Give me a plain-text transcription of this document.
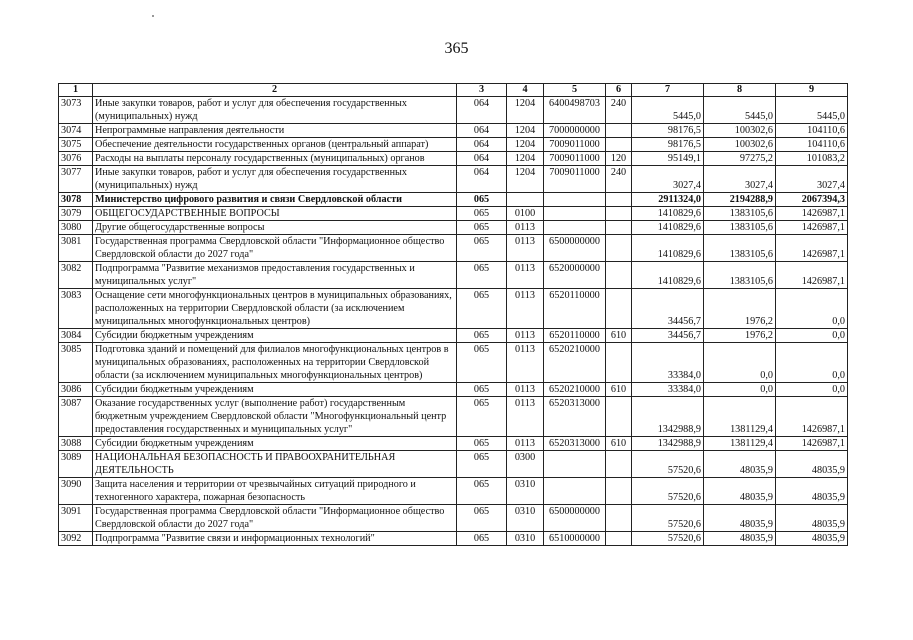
365
1	2	3	4	5	6	7	8	9
3073	Иные закупки товаров, работ и услуг для обеспечения государственных (муниципальных) нужд	064	1204	6400498703	240	5445,0	5445,0	5445,0
3074	Непрограммные направления деятельности	064	1204	7000000000		98176,5	100302,6	104110,6
3075	Обеспечение деятельности государственных органов (центральный аппарат)	064	1204	7009011000		98176,5	100302,6	104110,6
3076	Расходы на выплаты персоналу государственных (муниципальных) органов	064	1204	7009011000	120	95149,1	97275,2	101083,2
3077	Иные закупки товаров, работ и услуг для обеспечения государственных (муниципальных) нужд	064	1204	7009011000	240	3027,4	3027,4	3027,4
3078	Министерство цифрового развития и связи Свердловской области	065				2911324,0	2194288,9	2067394,3
3079	ОБЩЕГОСУДАРСТВЕННЫЕ ВОПРОСЫ	065	0100			1410829,6	1383105,6	1426987,1
3080	Другие общегосударственные вопросы	065	0113			1410829,6	1383105,6	1426987,1
3081	Государственная программа Свердловской области "Информационное общество Свердловской области до 2027 года"	065	0113	6500000000		1410829,6	1383105,6	1426987,1
3082	Подпрограмма "Развитие механизмов предоставления государственных и муниципальных услуг"	065	0113	6520000000		1410829,6	1383105,6	1426987,1
3083	Оснащение сети многофункциональных центров в муниципальных образованиях, расположенных на территории Свердловской области (за исключением муниципальных многофункциональных центров)	065	0113	6520110000		34456,7	1976,2	0,0
3084	Субсидии бюджетным учреждениям	065	0113	6520110000	610	34456,7	1976,2	0,0
3085	Подготовка зданий и помещений для филиалов многофункциональных центров в муниципальных образованиях, расположенных на территории Свердловской области (за исключением муниципальных многофункциональных центров)	065	0113	6520210000		33384,0	0,0	0,0
3086	Субсидии бюджетным учреждениям	065	0113	6520210000	610	33384,0	0,0	0,0
3087	Оказание государственных услуг (выполнение работ) государственным бюджетным учреждением Свердловской области "Многофункциональный центр предоставления государственных и муниципальных услуг"	065	0113	6520313000		1342988,9	1381129,4	1426987,1
3088	Субсидии бюджетным учреждениям	065	0113	6520313000	610	1342988,9	1381129,4	1426987,1
3089	НАЦИОНАЛЬНАЯ БЕЗОПАСНОСТЬ И ПРАВООХРАНИТЕЛЬНАЯ ДЕЯТЕЛЬНОСТЬ	065	0300			57520,6	48035,9	48035,9
3090	Защита населения и территории от чрезвычайных ситуаций природного и техногенного характера, пожарная безопасность	065	0310			57520,6	48035,9	48035,9
3091	Государственная программа Свердловской области "Информационное общество Свердловской области до 2027 года"	065	0310	6500000000		57520,6	48035,9	48035,9
3092	Подпрограмма "Развитие связи и информационных технологий"	065	0310	6510000000		57520,6	48035,9	48035,9
